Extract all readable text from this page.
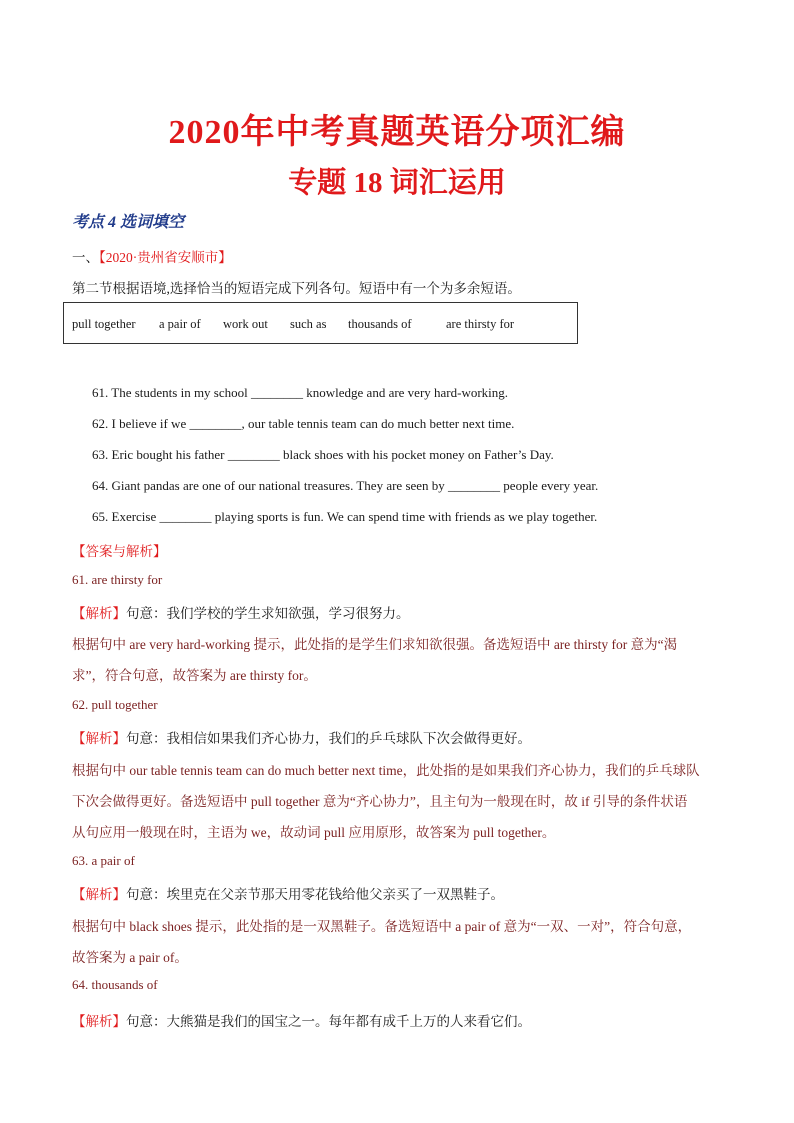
2020年中考真题英语分项汇编
专题 18 词汇运用
考点 4 选词填空
一、【2020·贵州省安顺市】
第二节根据语境,选择恰当的短语完成下列各句。短语中有一个为多余短语。
pull together a pair of work out such as thousands of	are thirsty for
61. The students in my school ________ knowledge and are very hard-working.
62. I believe if we ________, our table tennis team can do much better next time.
63. Eric bought his father ________ black shoes with his pocket money on Father’s Day.
64. Giant pandas are one of our national treasures. They are seen by ________ people every year.
65. Exercise ________ playing sports is fun. We can spend time with friends as we play together.
【答案与解析】
61. are thirsty for
【解析】句意：我们学校的学生求知欲强，学习很努力。
根据句中 are very hard-working 提示，此处指的是学生们求知欲很强。备选短语中 are thirsty for 意为“渴
求”，符合句意，故答案为 are thirsty for。
62. pull together
【解析】句意：我相信如果我们齐心协力，我们的乒乓球队下次会做得更好。
根据句中 our table tennis team can do much better next time，此处指的是如果我们齐心协力，我们的乒乓球队
下次会做得更好。备选短语中 pull together 意为“齐心协力”，且主句为一般现在时，故 if 引导的条件状语
从句应用一般现在时，主语为 we，故动词 pull 应用原形，故答案为 pull together。
63. a pair of
【解析】句意：埃里克在父亲节那天用零花钱给他父亲买了一双黑鞋子。
根据句中 black shoes 提示，此处指的是一双黑鞋子。备选短语中 a pair of 意为“一双、一对”，符合句意，
故答案为 a pair of。
64. thousands of
【解析】句意：大熊猫是我们的国宝之一。每年都有成千上万的人来看它们。
